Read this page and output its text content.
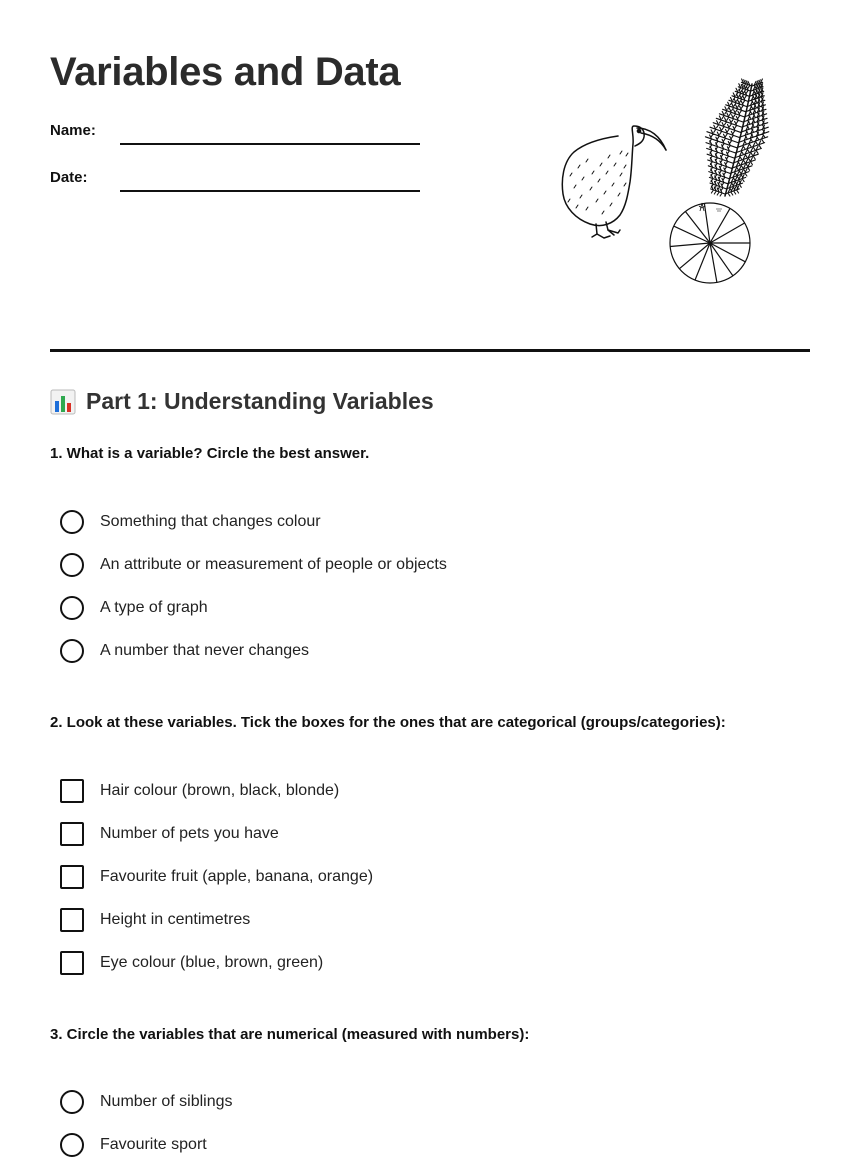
Variables and Data
Name:
Date:
Part 1: Understanding Variables

1. What is a variable? Circle the best answer.

Something that changes colour
An attribute or measurement of people or objects
A type of graph
A number that never changes

2. Look at these variables. Tick the boxes for the ones that are categorical (groups/categories):

Hair colour (brown, black, blonde)
Number of pets you have
Favourite fruit (apple, banana, orange)
Height in centimetres
Eye colour (blue, brown, green)

3. Circle the variables that are numerical (measured with numbers):

Number of siblings
Favourite sport
